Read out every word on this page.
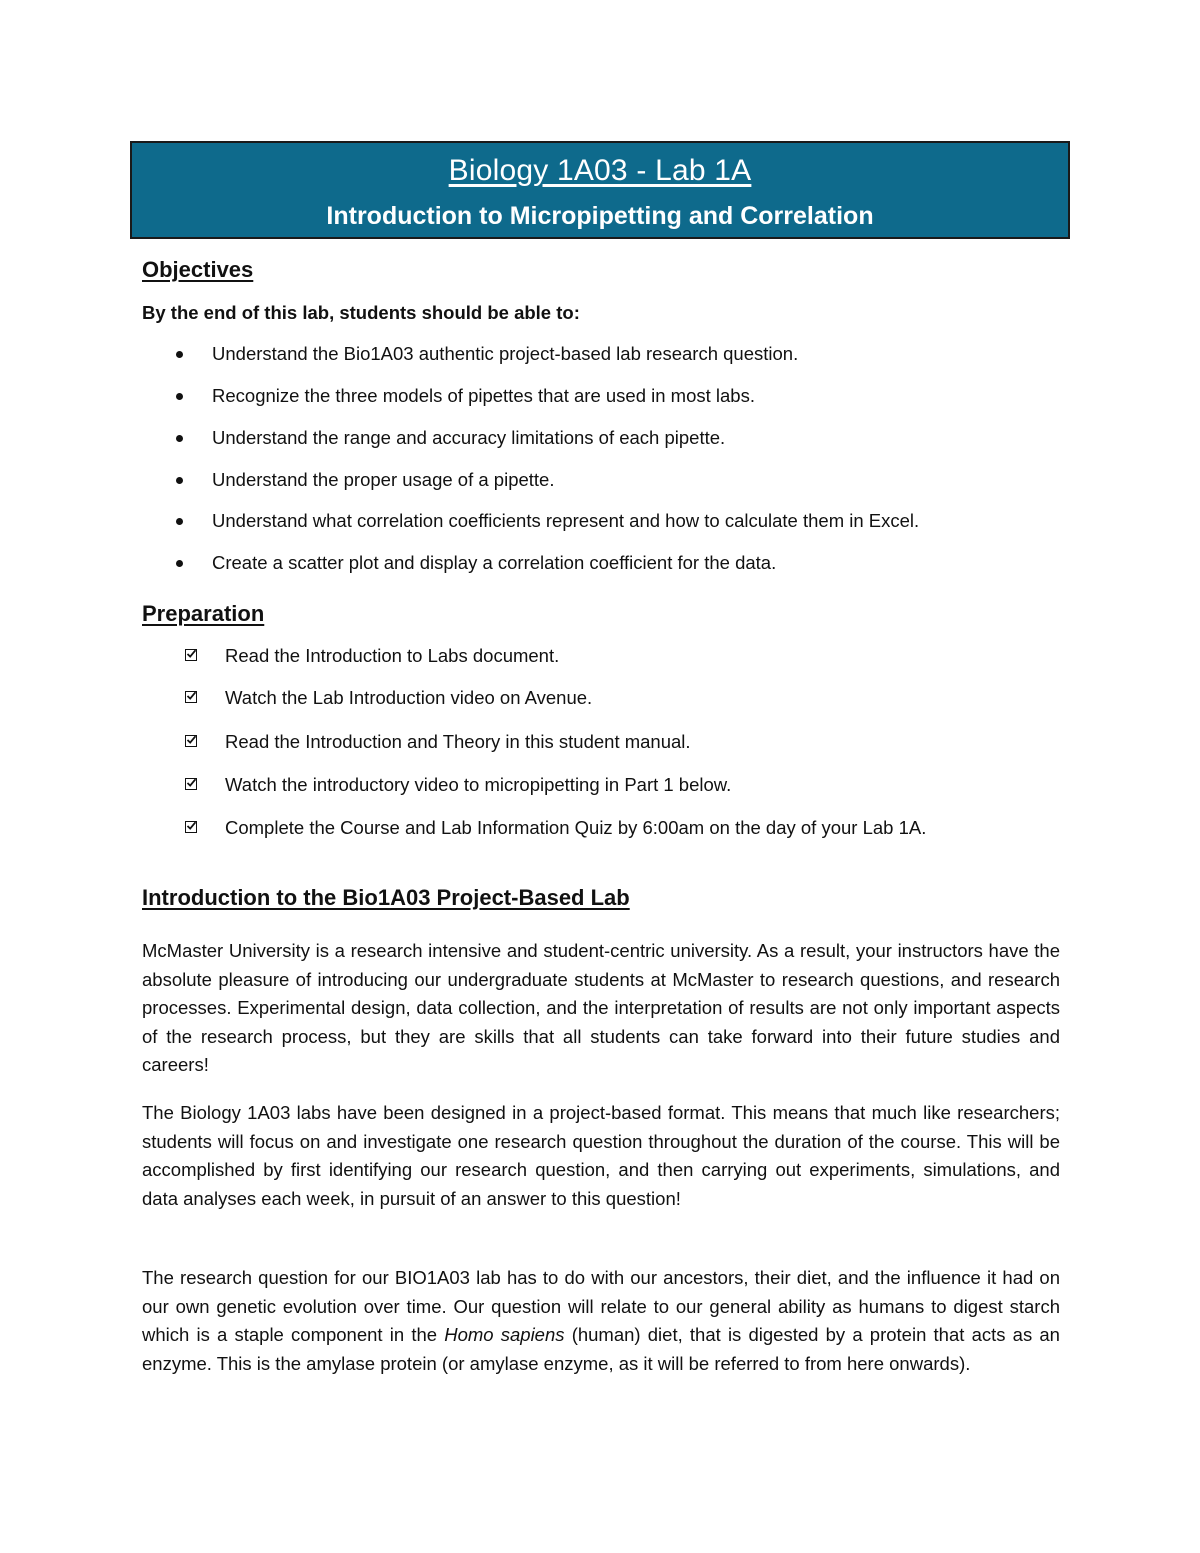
Biology 1A03 - Lab 1A
Introduction to Micropipetting and Correlation
Objectives
By the end of this lab, students should be able to:
Understand the Bio1A03 authentic project-based lab research question.
Recognize the three models of pipettes that are used in most labs.
Understand the range and accuracy limitations of each pipette.
Understand the proper usage of a pipette.
Understand what correlation coefficients represent and how to calculate them in Excel.
Create a scatter plot and display a correlation coefficient for the data.
Preparation
Read the Introduction to Labs document.
Watch the Lab Introduction video on Avenue.
Read the Introduction and Theory in this student manual.
Watch the introductory video to micropipetting in Part 1 below.
Complete the Course and Lab Information Quiz by 6:00am on the day of your Lab 1A.
Introduction to the Bio1A03 Project-Based Lab

McMaster University is a research intensive and student-centric university. As a result, your instructors have the absolute pleasure of introducing our undergraduate students at McMaster to research questions, and research processes. Experimental design, data collection, and the interpretation of results are not only important aspects of the research process, but they are skills that all students can take forward into their future studies and careers!

The Biology 1A03 labs have been designed in a project-based format. This means that much like researchers; students will focus on and investigate one research question throughout the duration of the course. This will be accomplished by first identifying our research question, and then carrying out experiments, simulations, and data analyses each week, in pursuit of an answer to this question!

The research question for our BIO1A03 lab has to do with our ancestors, their diet, and the influence it had on our own genetic evolution over time. Our question will relate to our general ability as humans to digest starch which is a staple component in the Homo sapiens (human) diet, that is digested by a protein that acts as an enzyme. This is the amylase protein (or amylase enzyme, as it will be referred to from here onwards).
